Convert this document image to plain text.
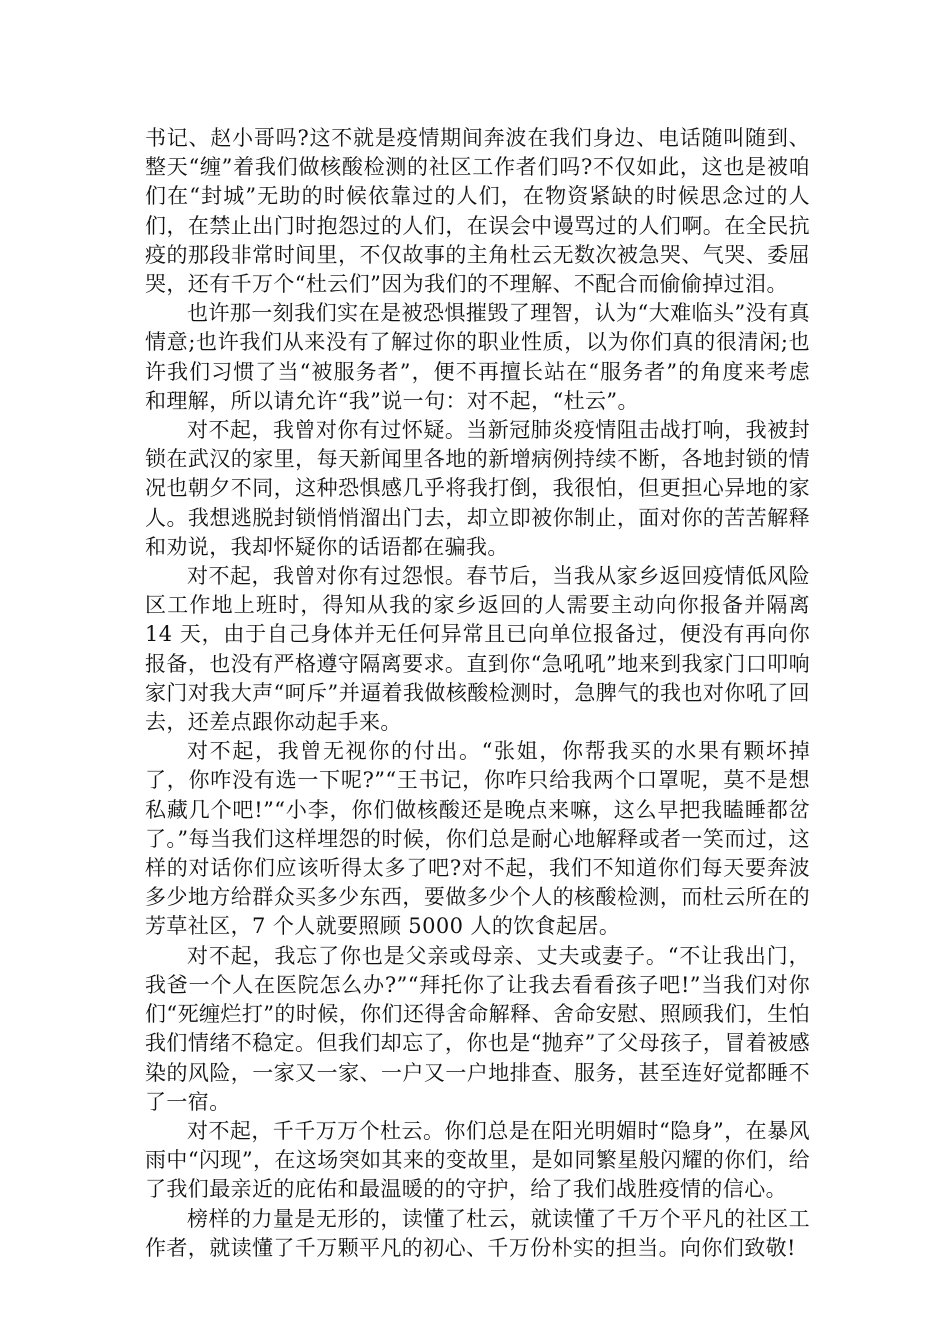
书记、赵小哥吗?这不就是疫情期间奔波在我们身边、电话随叫随到、整天“缠”着我们做核酸检测的社区工作者们吗?不仅如此，这也是被咱们在“封城”无助的时候依靠过的人们，在物资紧缺的时候思念过的人们，在禁止出门时抱怨过的人们，在误会中谩骂过的人们啊。在全民抗疫的那段非常时间里，不仅故事的主角杜云无数次被急哭、气哭、委屈哭，还有千万个“杜云们”因为我们的不理解、不配合而偷偷掉过泪。

也许那一刻我们实在是被恐惧摧毁了理智，认为“大难临头”没有真情意;也许我们从来没有了解过你的职业性质，以为你们真的很清闲;也许我们习惯了当“被服务者”，便不再擅长站在“服务者”的角度来考虑和理解，所以请允许“我”说一句：对不起，“杜云”。

对不起，我曾对你有过怀疑。当新冠肺炎疫情阻击战打响，我被封锁在武汉的家里，每天新闻里各地的新增病例持续不断，各地封锁的情况也朝夕不同，这种恐惧感几乎将我打倒，我很怕，但更担心异地的家人。我想逃脱封锁悄悄溜出门去，却立即被你制止，面对你的苦苦解释和劝说，我却怀疑你的话语都在骗我。

对不起，我曾对你有过怨恨。春节后，当我从家乡返回疫情低风险区工作地上班时，得知从我的家乡返回的人需要主动向你报备并隔离 14 天，由于自己身体并无任何异常且已向单位报备过，便没有再向你报备，也没有严格遵守隔离要求。直到你“急吼吼”地来到我家门口叩响家门对我大声“呵斥”并逼着我做核酸检测时，急脾气的我也对你吼了回去，还差点跟你动起手来。

对不起，我曾无视你的付出。“张姐，你帮我买的水果有颗坏掉了，你咋没有选一下呢?”“王书记，你咋只给我两个口罩呢，莫不是想私藏几个吧!”“小李，你们做核酸还是晚点来嘛，这么早把我瞌睡都岔了。”每当我们这样埋怨的时候，你们总是耐心地解释或者一笑而过，这样的对话你们应该听得太多了吧?对不起，我们不知道你们每天要奔波多少地方给群众买多少东西，要做多少个人的核酸检测，而杜云所在的芳草社区，7 个人就要照顾 5000 人的饮食起居。

对不起，我忘了你也是父亲或母亲、丈夫或妻子。“不让我出门，我爸一个人在医院怎么办?”“拜托你了让我去看看孩子吧!”当我们对你们“死缠烂打”的时候，你们还得舍命解释、舍命安慰、照顾我们，生怕我们情绪不稳定。但我们却忘了，你也是“抛弃”了父母孩子，冒着被感染的风险，一家又一家、一户又一户地排查、服务，甚至连好觉都睡不了一宿。

对不起，千千万万个杜云。你们总是在阳光明媚时“隐身”，在暴风雨中“闪现”，在这场突如其来的变故里，是如同繁星般闪耀的你们，给了我们最亲近的庇佑和最温暖的的守护，给了我们战胜疫情的信心。

榜样的力量是无形的，读懂了杜云，就读懂了千万个平凡的社区工作者，就读懂了千万颗平凡的初心、千万份朴实的担当。向你们致敬!
